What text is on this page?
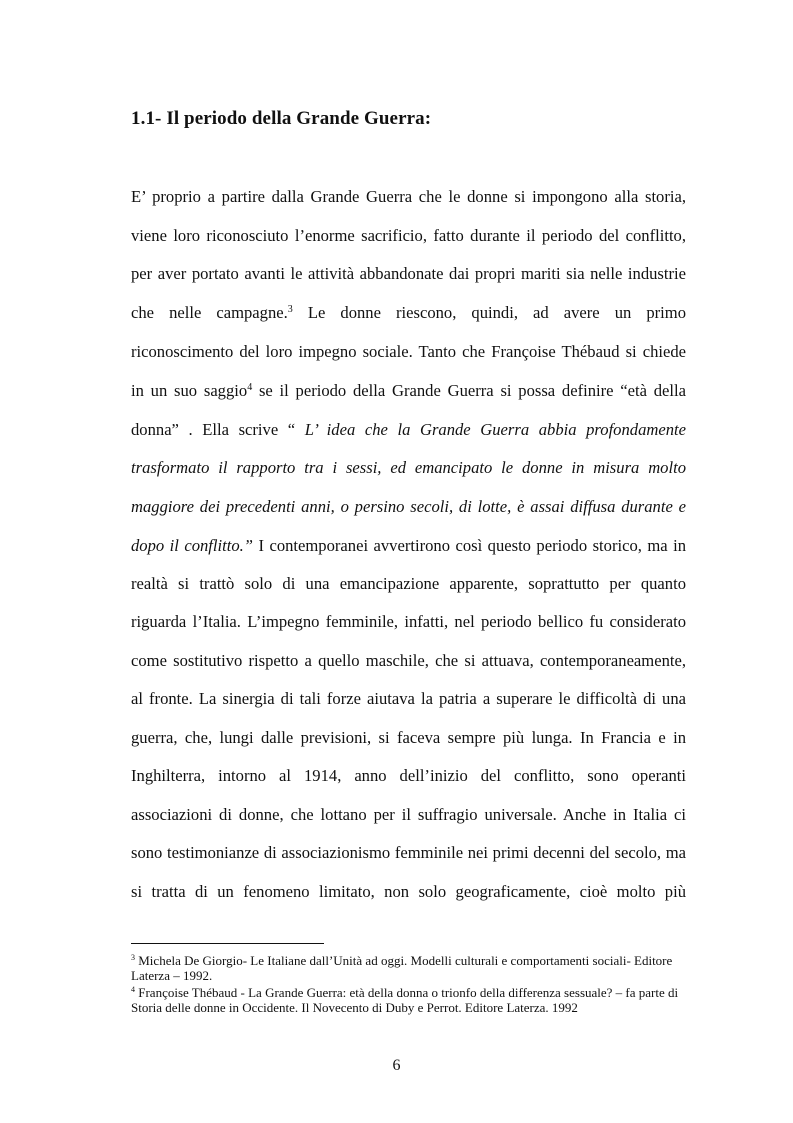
1.1- Il periodo della Grande Guerra:
E’ proprio a partire dalla Grande Guerra che le donne si impongono alla storia,
viene loro riconosciuto l’enorme sacrificio, fatto durante il periodo del conflitto,
per aver portato avanti le attività abbandonate dai propri mariti sia nelle industrie
che nelle campagne.$^3$ Le donne riescono, quindi, ad avere un primo
riconoscimento del loro impegno sociale. Tanto che Françoise Thébaud si chiede
in un suo saggio$^4$ se il periodo della Grande Guerra si possa definire “età della
donna” . Ella scrive “ L’ idea che la Grande Guerra abbia profondamente
trasformato il rapporto tra i sessi, ed emancipato le donne in misura molto
maggiore dei precedenti anni, o persino secoli, di lotte, è assai diffusa durante e
dopo il conflitto.” I contemporanei avvertirono così questo periodo storico, ma in
realtà si trattò solo di una emancipazione apparente, soprattutto per quanto
riguarda l’Italia. L’impegno femminile, infatti, nel periodo bellico fu considerato
come sostitutivo rispetto a quello maschile, che si attuava, contemporaneamente,
al fronte. La sinergia di tali forze aiutava la patria a superare le difficoltà di una
guerra, che, lungi dalle previsioni, si faceva sempre più lunga. In Francia e in
Inghilterra, intorno al 1914, anno dell’inizio del conflitto, sono operanti
associazioni di donne, che lottano per il suffragio universale. Anche in Italia ci
sono testimonianze di associazionismo femminile nei primi decenni del secolo, ma
si tratta di un fenomeno limitato, non solo geograficamente, cioè molto più
$^3$ Michela De Giorgio- Le Italiane dall’Unità ad oggi. Modelli culturali e comportamenti sociali- Editore
Laterza – 1992.
$^4$ Françoise Thébaud - La Grande Guerra: età della donna o trionfo della differenza sessuale? – fa parte di
Storia delle donne in Occidente. Il Novecento di Duby e Perrot. Editore Laterza. 1992
6
